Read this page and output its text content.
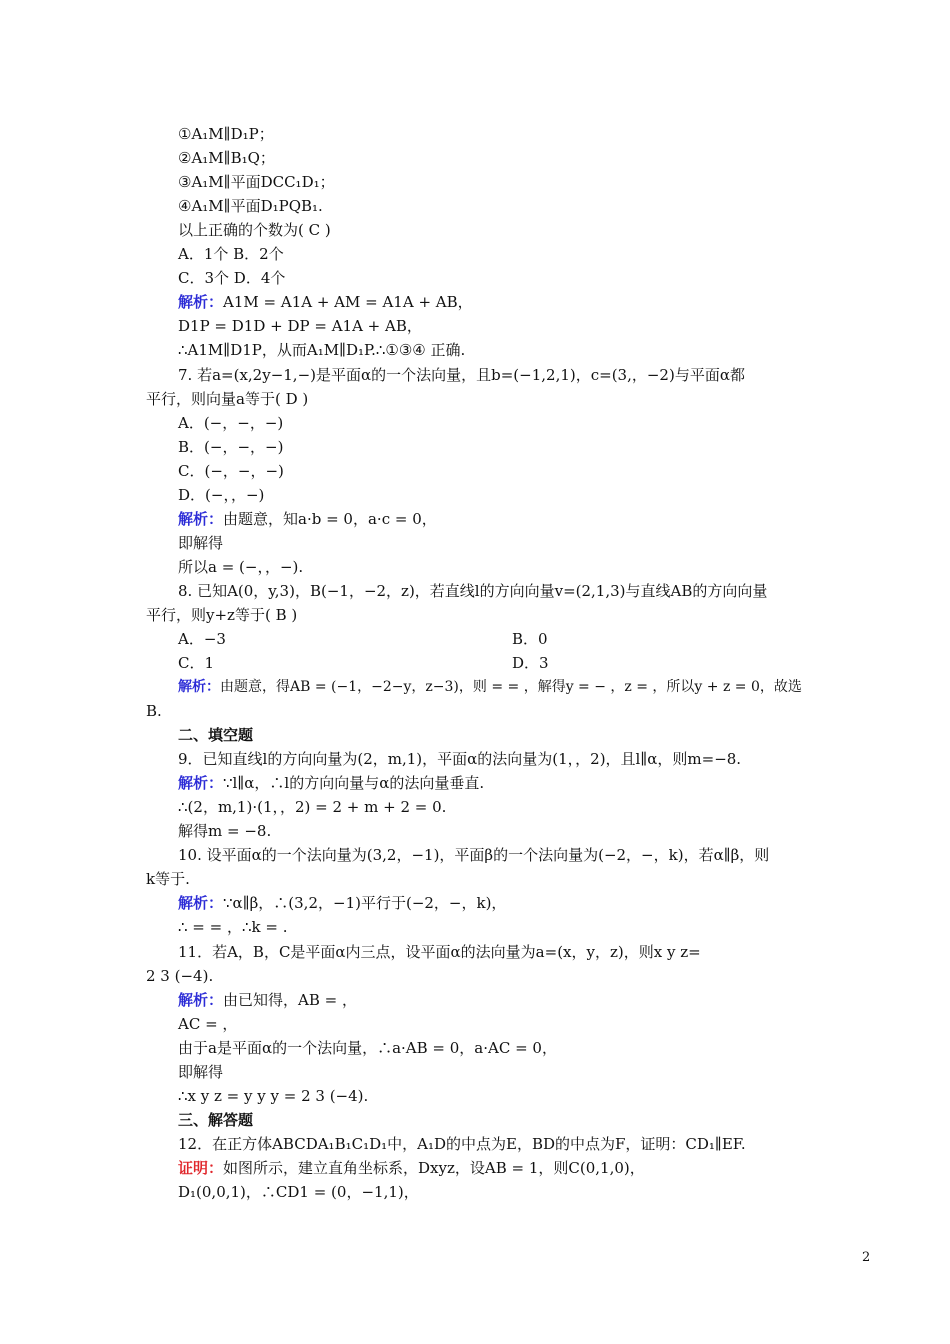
①A₁M∥D₁P；
②A₁M∥B₁Q；
③A₁M∥平面DCC₁D₁；
④A₁M∥平面D₁PQB₁.
以上正确的个数为( C )
A．1个 B．2个
C．3个 D．4个
解析：A1M = A1A + AM = A1A + AB，
D1P = D1D + DP = A1A + AB，
∴A1M∥D1P，从而A₁M∥D₁P.∴①③④ 正确.
7. 若a=(x,2y−1,−)是平面α的一个法向量，且b=(−1,2,1)，c=(3,，−2)与平面α都
平行，则向量a等于( D )
A．(−，−，−)
B．(−，−，−)
C．(−，−，−)
D．(−，，−)
解析：由题意，知a·b = 0，a·c = 0，
即解得
所以a = (−，，−).
8. 已知A(0，y,3)，B(−1，−2，z)，若直线l的方向向量v=(2,1,3)与直线AB的方向向量
平行，则y+z等于( B )
A．−3	B．0
C．1	D．3
解析：由题意，得AB = (−1，−2−y，z−3)，则 = = ，解得y = − ，z = ，所以y + z = 0，故选
B.
二、填空题
9．已知直线l的方向向量为(2，m,1)，平面α的法向量为(1，，2)，且l∥α，则m=−8.
解析：∵l∥α，∴l的方向向量与α的法向量垂直.
∴(2，m,1)·(1，，2) = 2 + m + 2 = 0.
解得m = −8.
10. 设平面α的一个法向量为(3,2，−1)，平面β的一个法向量为(−2，−，k)，若α∥β，则
k等于.
解析：∵α∥β，∴(3,2，−1)平行于(−2，−，k)，
∴ = = ，∴k = .
11．若A，B，C是平面α内三点，设平面α的法向量为a=(x，y，z)，则x y z=
2 3 (−4).
解析：由已知得，AB = ，
AC = ，
由于a是平面α的一个法向量，∴a·AB = 0，a·AC = 0，
即解得
∴x y z = y y y = 2 3 (−4).
三、解答题
12．在正方体ABCDA₁B₁C₁D₁中，A₁D的中点为E，BD的中点为F，证明：CD₁∥EF.
证明：如图所示，建立直角坐标系，Dxyz，设AB = 1，则C(0,1,0)，
D₁(0,0,1)，∴CD1 = (0，−1,1)，
2
